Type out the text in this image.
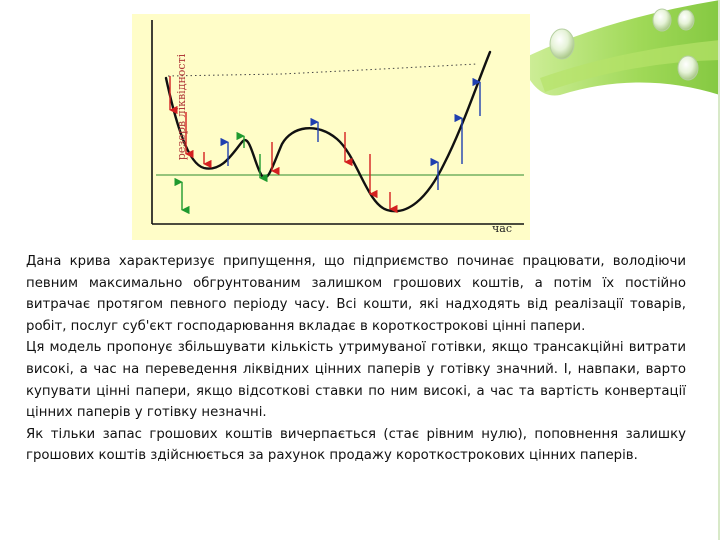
резерв ліквідності
час

Дана крива характеризує припущення, що підприємство починає працювати, володіючи певним максимально обгрунтованим залишком грошових коштів, а потім їх постійно витрачає протягом певного періоду часу. Всі кошти, які надходять від реалізації товарів, робіт, послуг суб'єкт господарювання вкладає в короткострокові цінні папери.

Ця модель пропонує збільшувати кількість утримуваної готівки, якщо трансакційні витрати високі, а час на переведення ліквідних цінних паперів у готівку значний. І, навпаки, варто купувати цінні папери, якщо відсоткові ставки по ним високі, а час та вартість конвертації цінних паперів у готівку незначні.

Як тільки запас грошових коштів вичерпається (стає рівним нулю), поповнення залишку грошових коштів здійснюється за рахунок продажу короткострокових цінних паперів.
